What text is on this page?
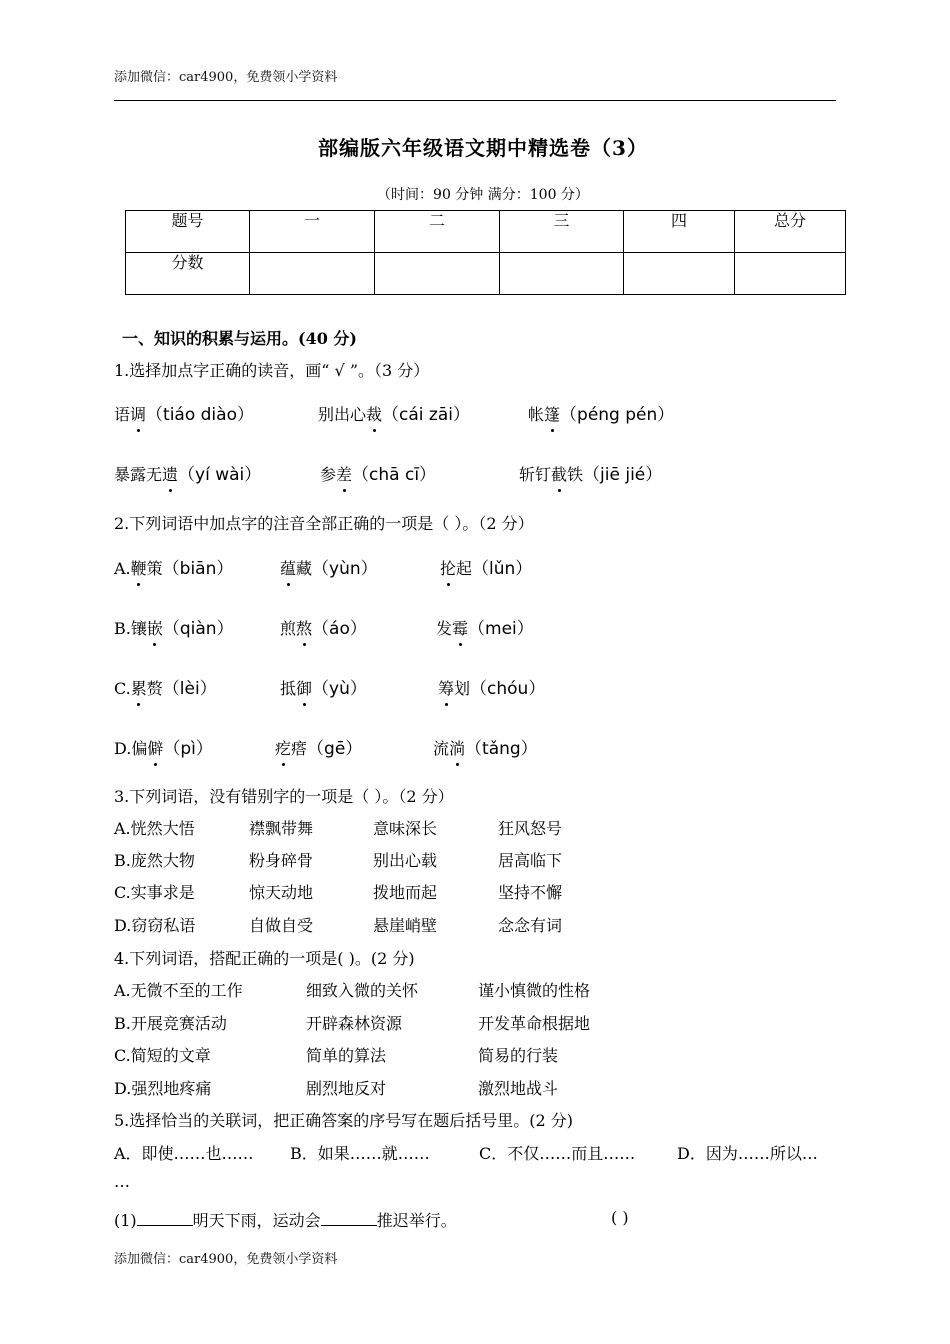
添加微信：car4900，免费领小学资料
部编版六年级语文期中精选卷（3）
（时间：90 分钟 满分：100 分）
题号	一	二	三	四	总分
分数					
一、知识的积累与运用。(40 分)
1.选择加点字正确的读音，画“ √ ”。（3 分）
2.下列词语中加点字的注音全部正确的一项是（ ）。（2 分）
3.下列词语，没有错别字的一项是（ ）。（2 分）
4.下列词语，搭配正确的一项是( )。(2 分)
5.选择恰当的关联词，把正确答案的序号写在题后括号里。(2 分)
A．即使……也…… B．如果……就……	C．不仅……而且……	D．因为……所以…
…
(1)	明天下雨，运动会	推迟举行。	( )
添加微信：car4900，免费领小学资料
语调（tiáo diào）	别出心裁（cái zāi）	帐篷（péng pén）
暴露无遗（yí wài）	参差（chā cī）	斩钉截铁（jiē jié）
A.鞭策（biān）	蕴藏（yùn）	抡起（lǔn）
B.镶嵌（qiàn）	煎熬（áo）	发霉（mei）
C.累赘（lèi）	抵御（yù）	筹划（chóu）
D.偏僻（pì）	疙瘩（gē）	流淌（tǎng）
A.恍然大悟	襟飘带舞	意味深长	狂风怒号
B.庞然大物	粉身碎骨	别出心载	居高临下
C.实事求是	惊天动地	拨地而起	坚持不懈
D.窃窃私语	自做自受	悬崖峭壁	念念有词
A.无微不至的工作	细致入微的关怀	谨小慎微的性格
B.开展竞赛活动	开辟森林资源	开发革命根据地
C.简短的文章	简单的算法	简易的行装
D.强烈地疼痛	剧烈地反对	激烈地战斗
